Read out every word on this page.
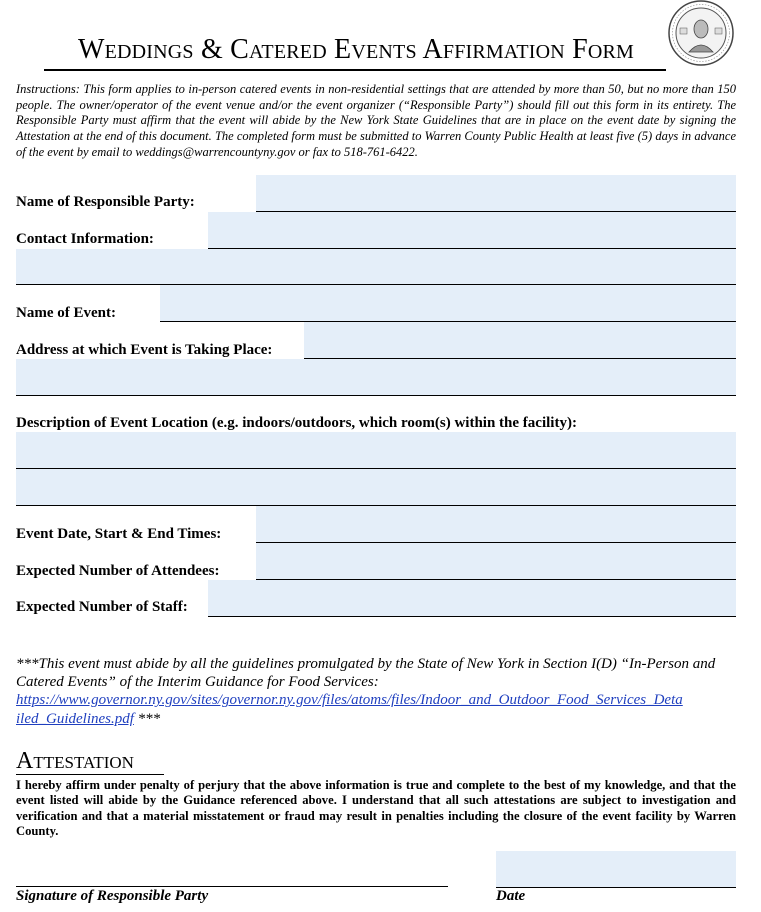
Weddings & Catered Events Affirmation Form
Instructions: This form applies to in-person catered events in non-residential settings that are attended by more than 50, but no more than 150 people. The owner/operator of the event venue and/or the event organizer (“Responsible Party”) should fill out this form in its entirety. The Responsible Party must affirm that the event will abide by the New York State Guidelines that are in place on the event date by signing the Attestation at the end of this document. The completed form must be submitted to Warren County Public Health at least five (5) days in advance of the event by email to weddings@warrencountyny.gov or fax to 518-761-6422.
Name of Responsible Party:
Contact Information:
Name of Event:
Address at which Event is Taking Place:
Description of Event Location (e.g. indoors/outdoors, which room(s) within the facility):
Event Date, Start & End Times:
Expected Number of Attendees:
Expected Number of Staff:
***This event must abide by all the guidelines promulgated by the State of New York in Section I(D) “In-Person and Catered Events” of the Interim Guidance for Food Services:
https://www.governor.ny.gov/sites/governor.ny.gov/files/atoms/files/Indoor_and_Outdoor_Food_Services_Deta
iled_Guidelines.pdf ***
Attestation
I hereby affirm under penalty of perjury that the above information is true and complete to the best of my knowledge, and that the event listed will abide by the Guidance referenced above. I understand that all such attestations are subject to investigation and verification and that a material misstatement or fraud may result in penalties including the closure of the event facility by Warren County.
Signature of Responsible Party	Date
